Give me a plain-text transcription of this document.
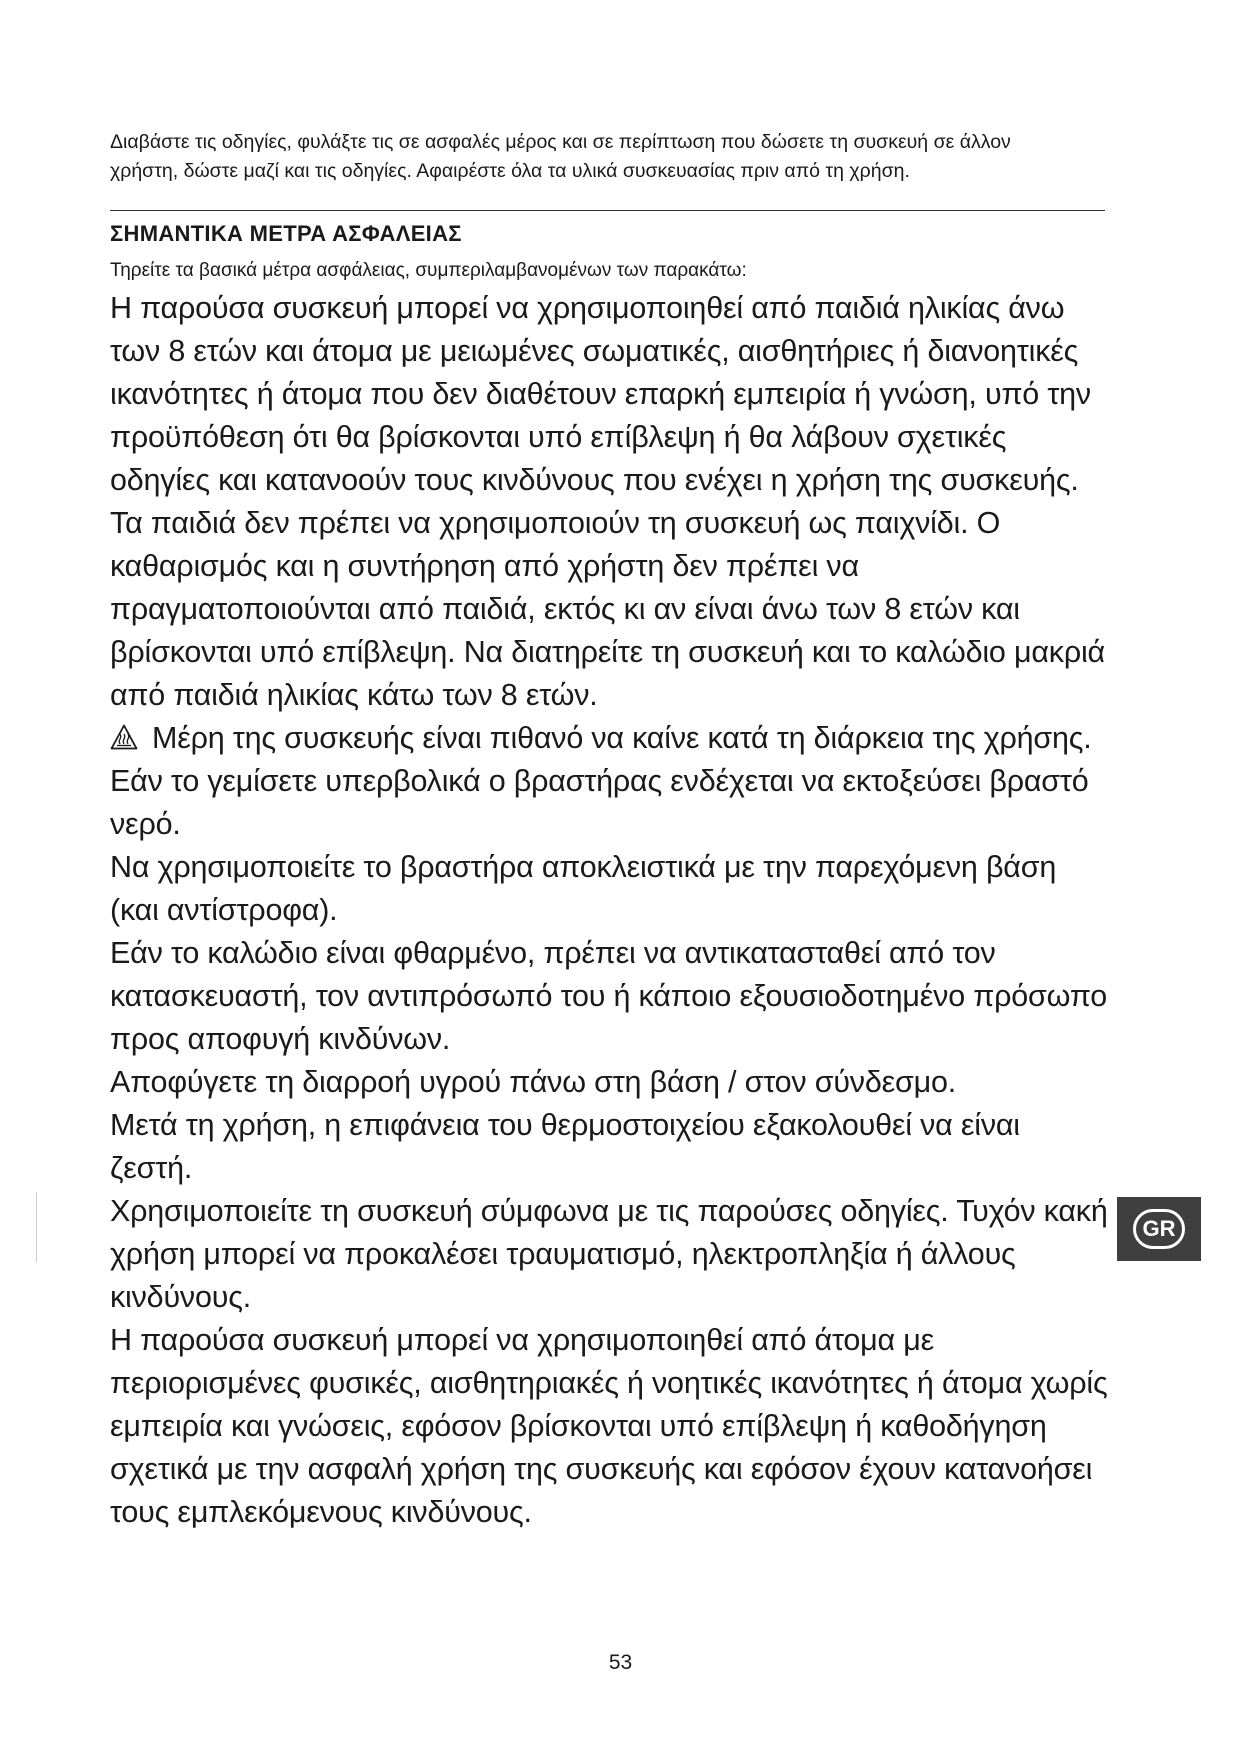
Διαβάστε τις οδηγίες, φυλάξτε τις σε ασφαλές μέρος και σε περίπτωση που δώσετε τη συσκευή σε άλλον
χρήστη, δώστε μαζί και τις οδηγίες. Αφαιρέστε όλα τα υλικά συσκευασίας πριν από τη χρήση.

ΣΗΜΑΝΤΙΚΑ ΜΕΤΡΑ ΑΣΦΑΛΕΙΑΣ

Τηρείτε τα βασικά μέτρα ασφάλειας, συμπεριλαμβανομένων των παρακάτω:

Η παρούσα συσκευή μπορεί να χρησιμοποιηθεί από παιδιά ηλικίας άνω των 8 ετών και άτομα με μειωμένες σωματικές, αισθητήριες ή διανοητικές ικανότητες ή άτομα που δεν διαθέτουν επαρκή εμπειρία ή γνώση, υπό την προϋπόθεση ότι θα βρίσκονται υπό επίβλεψη ή θα λάβουν σχετικές οδηγίες και κατανοούν τους κινδύνους που ενέχει η χρήση της συσκευής.

Τα παιδιά δεν πρέπει να χρησιμοποιούν τη συσκευή ως παιχνίδι. Ο καθαρισμός και η συντήρηση από χρήστη δεν πρέπει να πραγματοποιούνται από παιδιά, εκτός κι αν είναι άνω των 8 ετών και βρίσκονται υπό επίβλεψη. Να διατηρείτε τη συσκευή και το καλώδιο μακριά από παιδιά ηλικίας κάτω των 8 ετών.

Μέρη της συσκευής είναι πιθανό να καίνε κατά τη διάρκεια της χρήσης.

Εάν το γεμίσετε υπερβολικά ο βραστήρας ενδέχεται να εκτοξεύσει βραστό νερό.

Να χρησιμοποιείτε το βραστήρα αποκλειστικά με την παρεχόμενη βάση (και αντίστροφα).

Εάν το καλώδιο είναι φθαρμένο, πρέπει να αντικατασταθεί από τον κατασκευαστή, τον αντιπρόσωπό του ή κάποιο εξουσιοδοτημένο πρόσωπο προς αποφυγή κινδύνων.

Αποφύγετε τη διαρροή υγρού πάνω στη βάση / στον σύνδεσμο.

Μετά τη χρήση, η επιφάνεια του θερμοστοιχείου εξακολουθεί να είναι ζεστή.

Χρησιμοποιείτε τη συσκευή σύμφωνα με τις παρούσες οδηγίες. Τυχόν κακή χρήση μπορεί να προκαλέσει τραυματισμό, ηλεκτροπληξία ή άλλους κινδύνους.

Η παρούσα συσκευή μπορεί να χρησιμοποιηθεί από άτομα με περιορισμένες φυσικές, αισθητηριακές ή νοητικές ικανότητες ή άτομα χωρίς εμπειρία και γνώσεις, εφόσον βρίσκονται υπό επίβλεψη ή καθοδήγηση σχετικά με την ασφαλή χρήση της συσκευής και εφόσον έχουν κατανοήσει τους εμπλεκόμενους κινδύνους.

GR

53
